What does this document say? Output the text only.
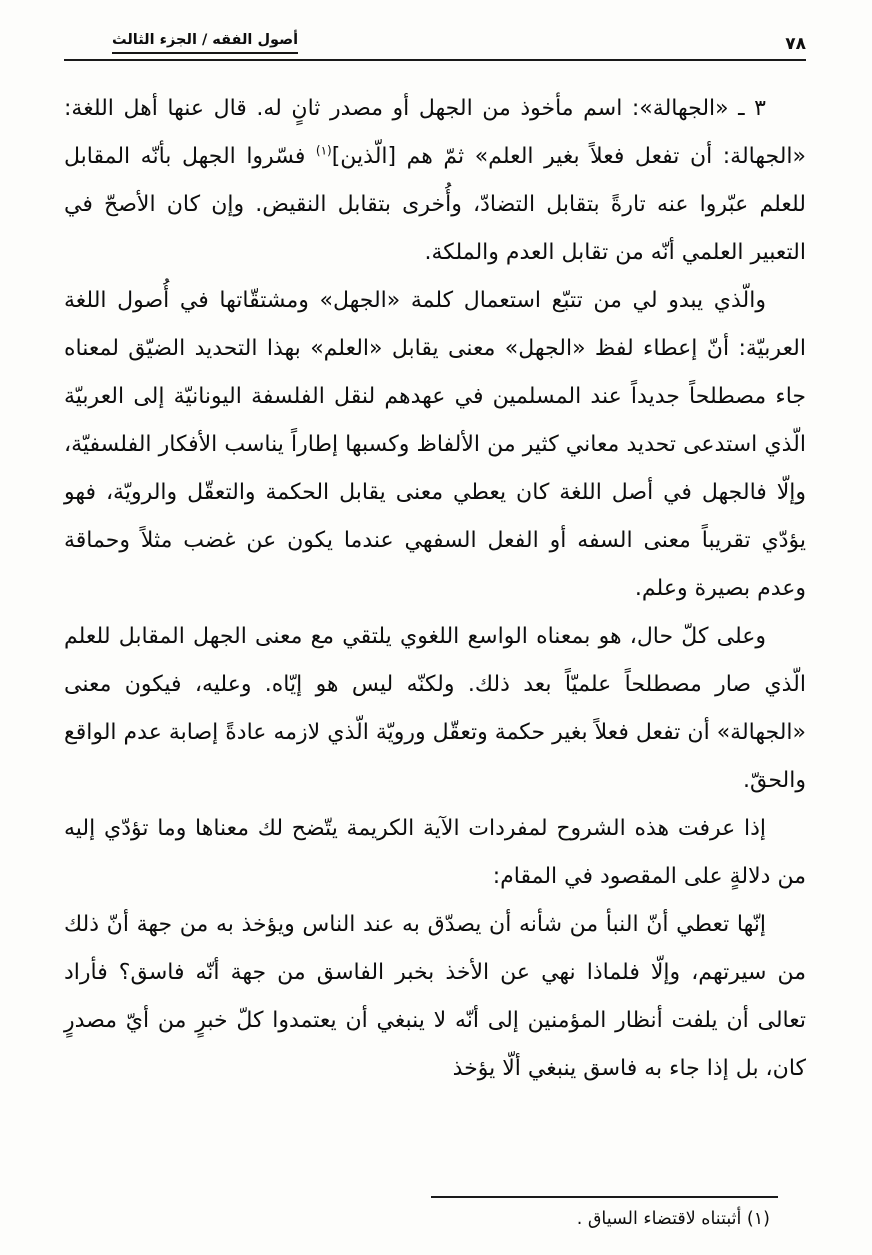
٧٨
أصول الفقه / الجزء الثالث

٣ ـ «الجهالة»: اسم مأخوذ من الجهل أو مصدر ثانٍ له. قال عنها أهل اللغة: «الجهالة: أن تفعل فعلاً بغير العلم» ثمّ هم [الّذين]$^{(١)}$ فسّروا الجهل بأنّه المقابل للعلم عبّروا عنه تارةً بتقابل التضادّ، وأُخرى بتقابل النقيض. وإن كان الأصحّ في التعبير العلمي أنّه من تقابل العدم والملكة.

والّذي يبدو لي من تتبّع استعمال كلمة «الجهل» ومشتقّاتها في أُصول اللغة العربيّة: أنّ إعطاء لفظ «الجهل» معنى يقابل «العلم» بهذا التحديد الضيّق لمعناه جاء مصطلحاً جديداً عند المسلمين في عهدهم لنقل الفلسفة اليونانيّة إلى العربيّة الّذي استدعى تحديد معاني كثير من الألفاظ وكسبها إطاراً يناسب الأفكار الفلسفيّة، وإلّا فالجهل في أصل اللغة كان يعطي معنى يقابل الحكمة والتعقّل والرويّة، فهو يؤدّي تقريباً معنى السفه أو الفعل السفهي عندما يكون عن غضب مثلاً وحماقة وعدم بصيرة وعلم.

وعلى كلّ حال، هو بمعناه الواسع اللغوي يلتقي مع معنى الجهل المقابل للعلم الّذي صار مصطلحاً علميّاً بعد ذلك. ولكنّه ليس هو إيّاه. وعليه، فيكون معنى «الجهالة» أن تفعل فعلاً بغير حكمة وتعقّل ورويّة الّذي لازمه عادةً إصابة عدم الواقع والحقّ.

إذا عرفت هذه الشروح لمفردات الآية الكريمة يتّضح لك معناها وما تؤدّي إليه من دلالةٍ على المقصود في المقام:

إنّها تعطي أنّ النبأ من شأنه أن يصدّق به عند الناس ويؤخذ به من جهة أنّ ذلك من سيرتهم، وإلّا فلماذا نهي عن الأخذ بخبر الفاسق من جهة أنّه فاسق؟ فأراد تعالى أن يلفت أنظار المؤمنين إلى أنّه لا ينبغي أن يعتمدوا كلّ خبرٍ من أيّ مصدرٍ كان، بل إذا جاء به فاسق ينبغي ألّا يؤخذ

(١) أثبتناه لاقتضاء السياق .
